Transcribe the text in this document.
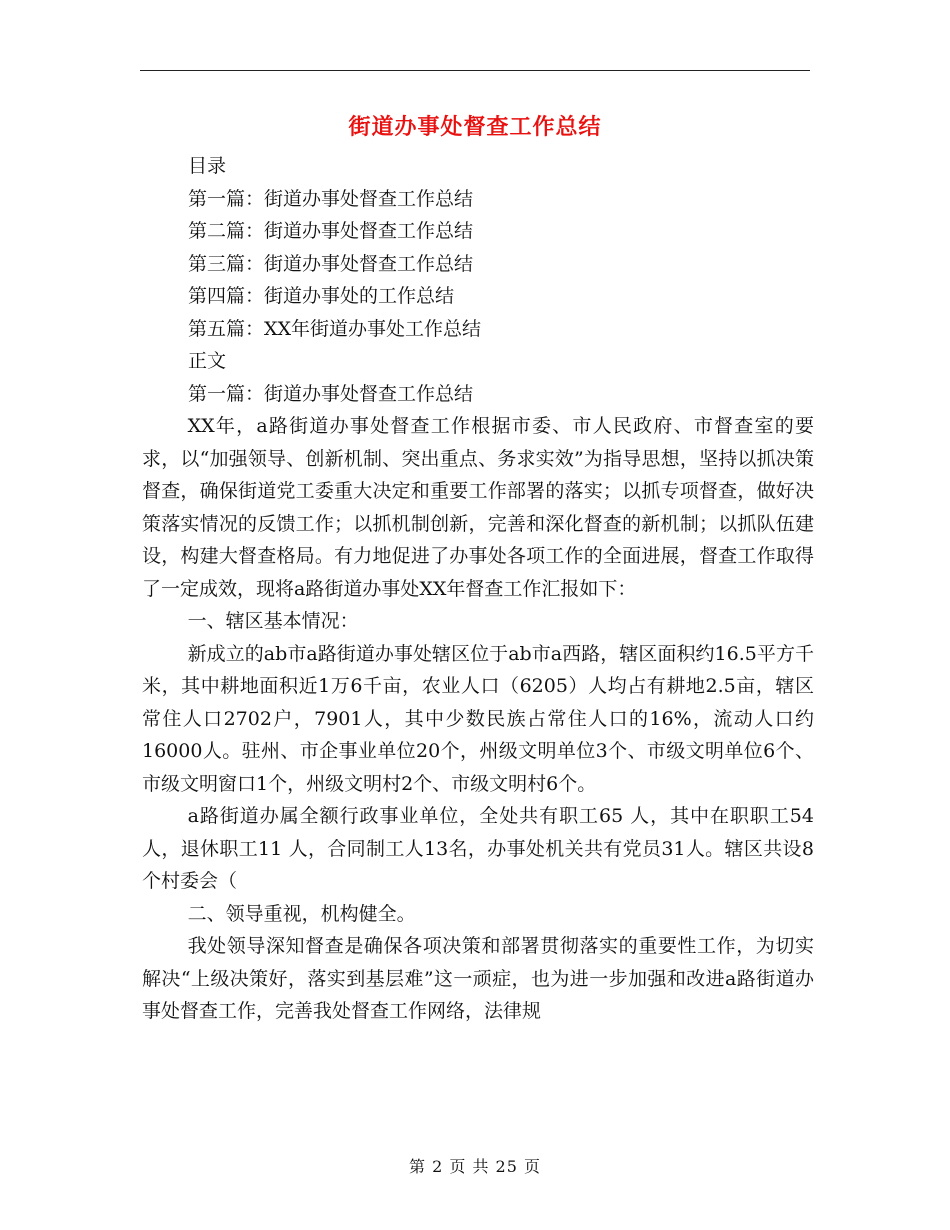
街道办事处督查工作总结
目录
第一篇：街道办事处督查工作总结
第二篇：街道办事处督查工作总结
第三篇：街道办事处督查工作总结
第四篇：街道办事处的工作总结
第五篇：XX年街道办事处工作总结
正文
第一篇：街道办事处督查工作总结

XX年，a路街道办事处督查工作根据市委、市人民政府、市督查室的要求，以“加强领导、创新机制、突出重点、务求实效”为指导思想，坚持以抓决策督查，确保街道党工委重大决定和重要工作部署的落实；以抓专项督查，做好决策落实情况的反馈工作；以抓机制创新，完善和深化督查的新机制；以抓队伍建设，构建大督查格局。有力地促进了办事处各项工作的全面进展，督查工作取得了一定成效，现将a路街道办事处XX年督查工作汇报如下：

一、辖区基本情况：

新成立的ab市a路街道办事处辖区位于ab市a西路，辖区面积约16.5平方千米，其中耕地面积近1万6千亩，农业人口（6205）人均占有耕地2.5亩，辖区常住人口2702户，7901人，其中少数民族占常住人口的16%，流动人口约16000人。驻州、市企事业单位20个，州级文明单位3个、市级文明单位6个、市级文明窗口1个，州级文明村2个、市级文明村6个。

a路街道办属全额行政事业单位，全处共有职工65 人，其中在职职工54 人，退休职工11 人，合同制工人13名，办事处机关共有党员31人。辖区共设8个村委会（

二、领导重视，机构健全。

我处领导深知督查是确保各项决策和部署贯彻落实的重要性工作，为切实解决“上级决策好，落实到基层难”这一顽症，也为进一步加强和改进a路街道办事处督查工作，完善我处督查工作网络，法律规

第 2 页 共 25 页
